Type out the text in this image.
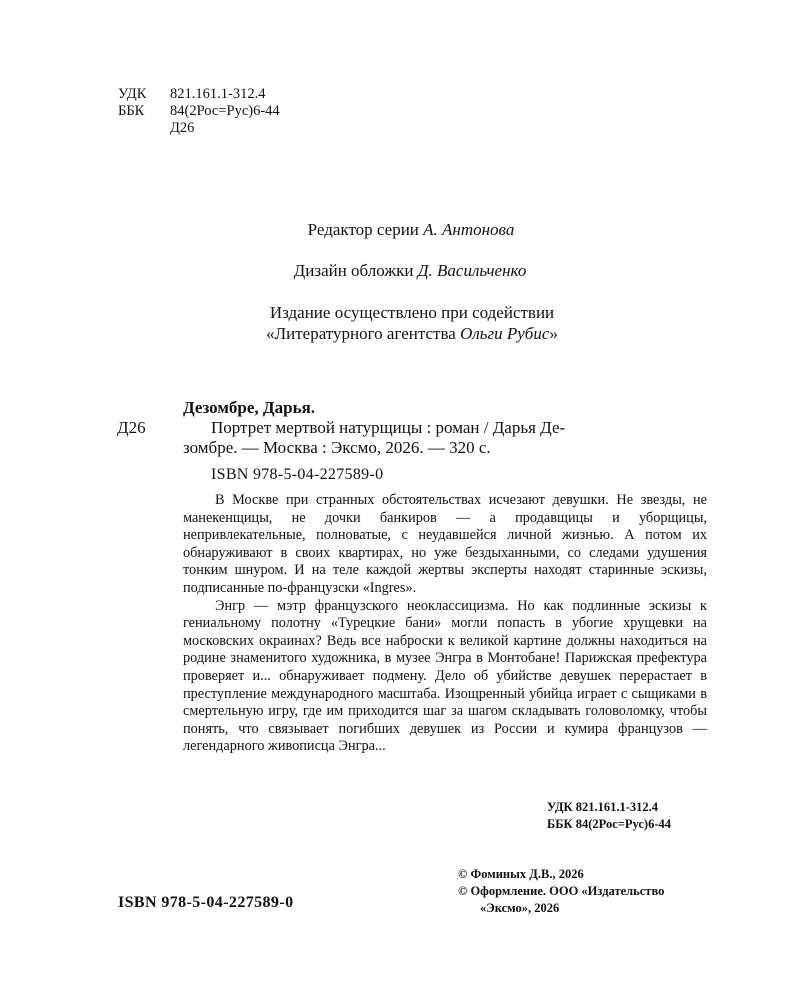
УДК	821.161.1-312.4
ББК	84(2Рос=Рус)6-44
Д26
Редактор серии А. Антонова
Дизайн обложки Д. Васильченко
Издание осуществлено при содействии
«Литературного агентства Ольги Рубис»
Дезомбре, Дарья.
Д26	Портрет мертвой натурщицы : роман / Дарья Де-
зомбре. — Москва : Эксмо, 2026. — 320 с.
ISBN 978-5-04-227589-0

В Москве при странных обстоятельствах исчезают девушки. Не звезды, не манекенщицы, не дочки банкиров — а продавщицы и уборщицы, непривлекательные, полноватые, с неудавшейся личной жизнью. А потом их обнаруживают в своих квартирах, но уже бездыханными, со следами удушения тонким шнуром. И на теле каждой жертвы эксперты находят старинные эскизы, подписанные по-французски «Ingres».

Энгр — мэтр французского неоклассицизма. Но как подлинные эскизы к гениальному полотну «Турецкие бани» могли попасть в убогие хрущевки на московских окраинах? Ведь все наброски к великой картине должны находиться на родине знаменитого художника, в музее Энгра в Монтобане! Парижская префектура проверяет и... обнаруживает подмену. Дело об убийстве девушек перерастает в преступление международного масштаба. Изощренный убийца играет с сыщиками в смертельную игру, где им приходится шаг за шагом складывать головоломку, чтобы понять, что связывает погибших девушек из России и кумира французов — легендарного живописца Энгра...

УДК 821.161.1-312.4
ББК 84(2Рос=Рус)6-44
© Фоминых Д.В., 2026
© Оформление. ООО «Издательство
«Эксмо», 2026
ISBN 978-5-04-227589-0
